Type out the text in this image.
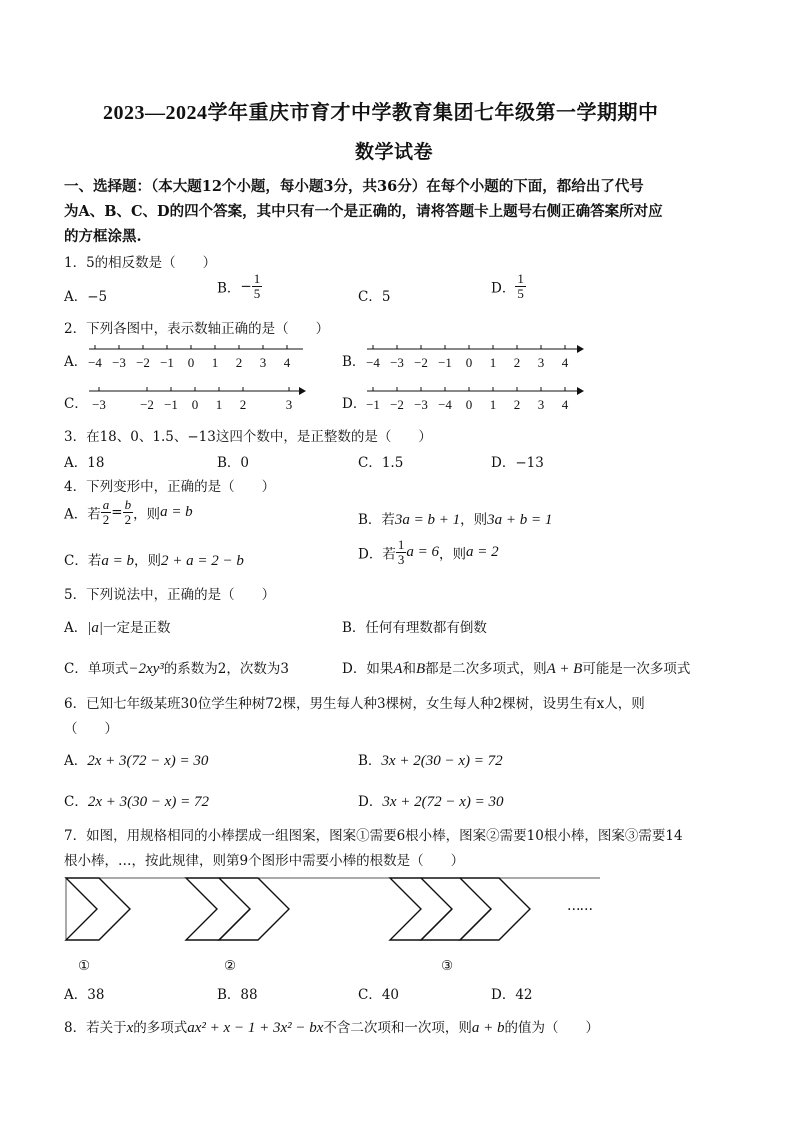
2023—2024学年重庆市育才中学教育集团七年级第一学期期中
数学试卷
一、选择题：（本大题12个小题，每小题3分，共36分）在每个小题的下面，都给出了代号
为A、B、C、D的四个答案，其中只有一个是正确的，请将答题卡上题号右侧正确答案所对应
的方框涂黑.
1．5的相反数是（　　）
A．−5
B．− $\frac{1}{5}$	C．5
D． $\frac{1}{5}$
2．下列各图中，表示数轴正确的是（　　）
A．	B．
C．	D．
−4 −3 −2 −1 0 1 2 3 4	−4 −3 −2 −1 0 1 2 3 4
−3	−2 −1 0 1 2	3	−1 −2 −3 −4 0 1 2 3 4
3．在18、0、1.5、−13这四个数中，是正整数的是（　　）
A．18	B．0	C．1.5	D．−13
4．下列变形中，正确的是（　　）
A．若 $\frac{a}{2} = \frac{b}{2}$ ，则a = b	B．若3a = b + 1，则3a + b = 1
C．若a = b，则2 + a = 2 − b	D．若 $\frac{1}{3}$ a = 6，则a = 2
5．下列说法中，正确的是（　　）
A．|a|一定是正数	B．任何有理数都有倒数
C．单项式−2xy³的系数为2，次数为3	D．如果A和B都是二次多项式，则A + B可能是一次多项式
6．已知七年级某班30位学生种树72棵，男生每人种3棵树，女生每人种2棵树，设男生有x人，则
（　　）
A．2x + 3(72 − x) = 30	B．3x + 2(30 − x) = 72
C．2x + 3(30 − x) = 72	D．3x + 2(72 − x) = 30
7．如图，用规格相同的小棒摆成一组图案，图案①需要6根小棒，图案②需要10根小棒，图案③需要14
根小棒，…，按此规律，则第9个图形中需要小棒的根数是（　　）
……
①	②	③
A．38	B．88	C．40	D．42
8．若关于x的多项式ax² + x − 1 + 3x² − bx不含二次项和一次项，则a + b的值为（　　）
